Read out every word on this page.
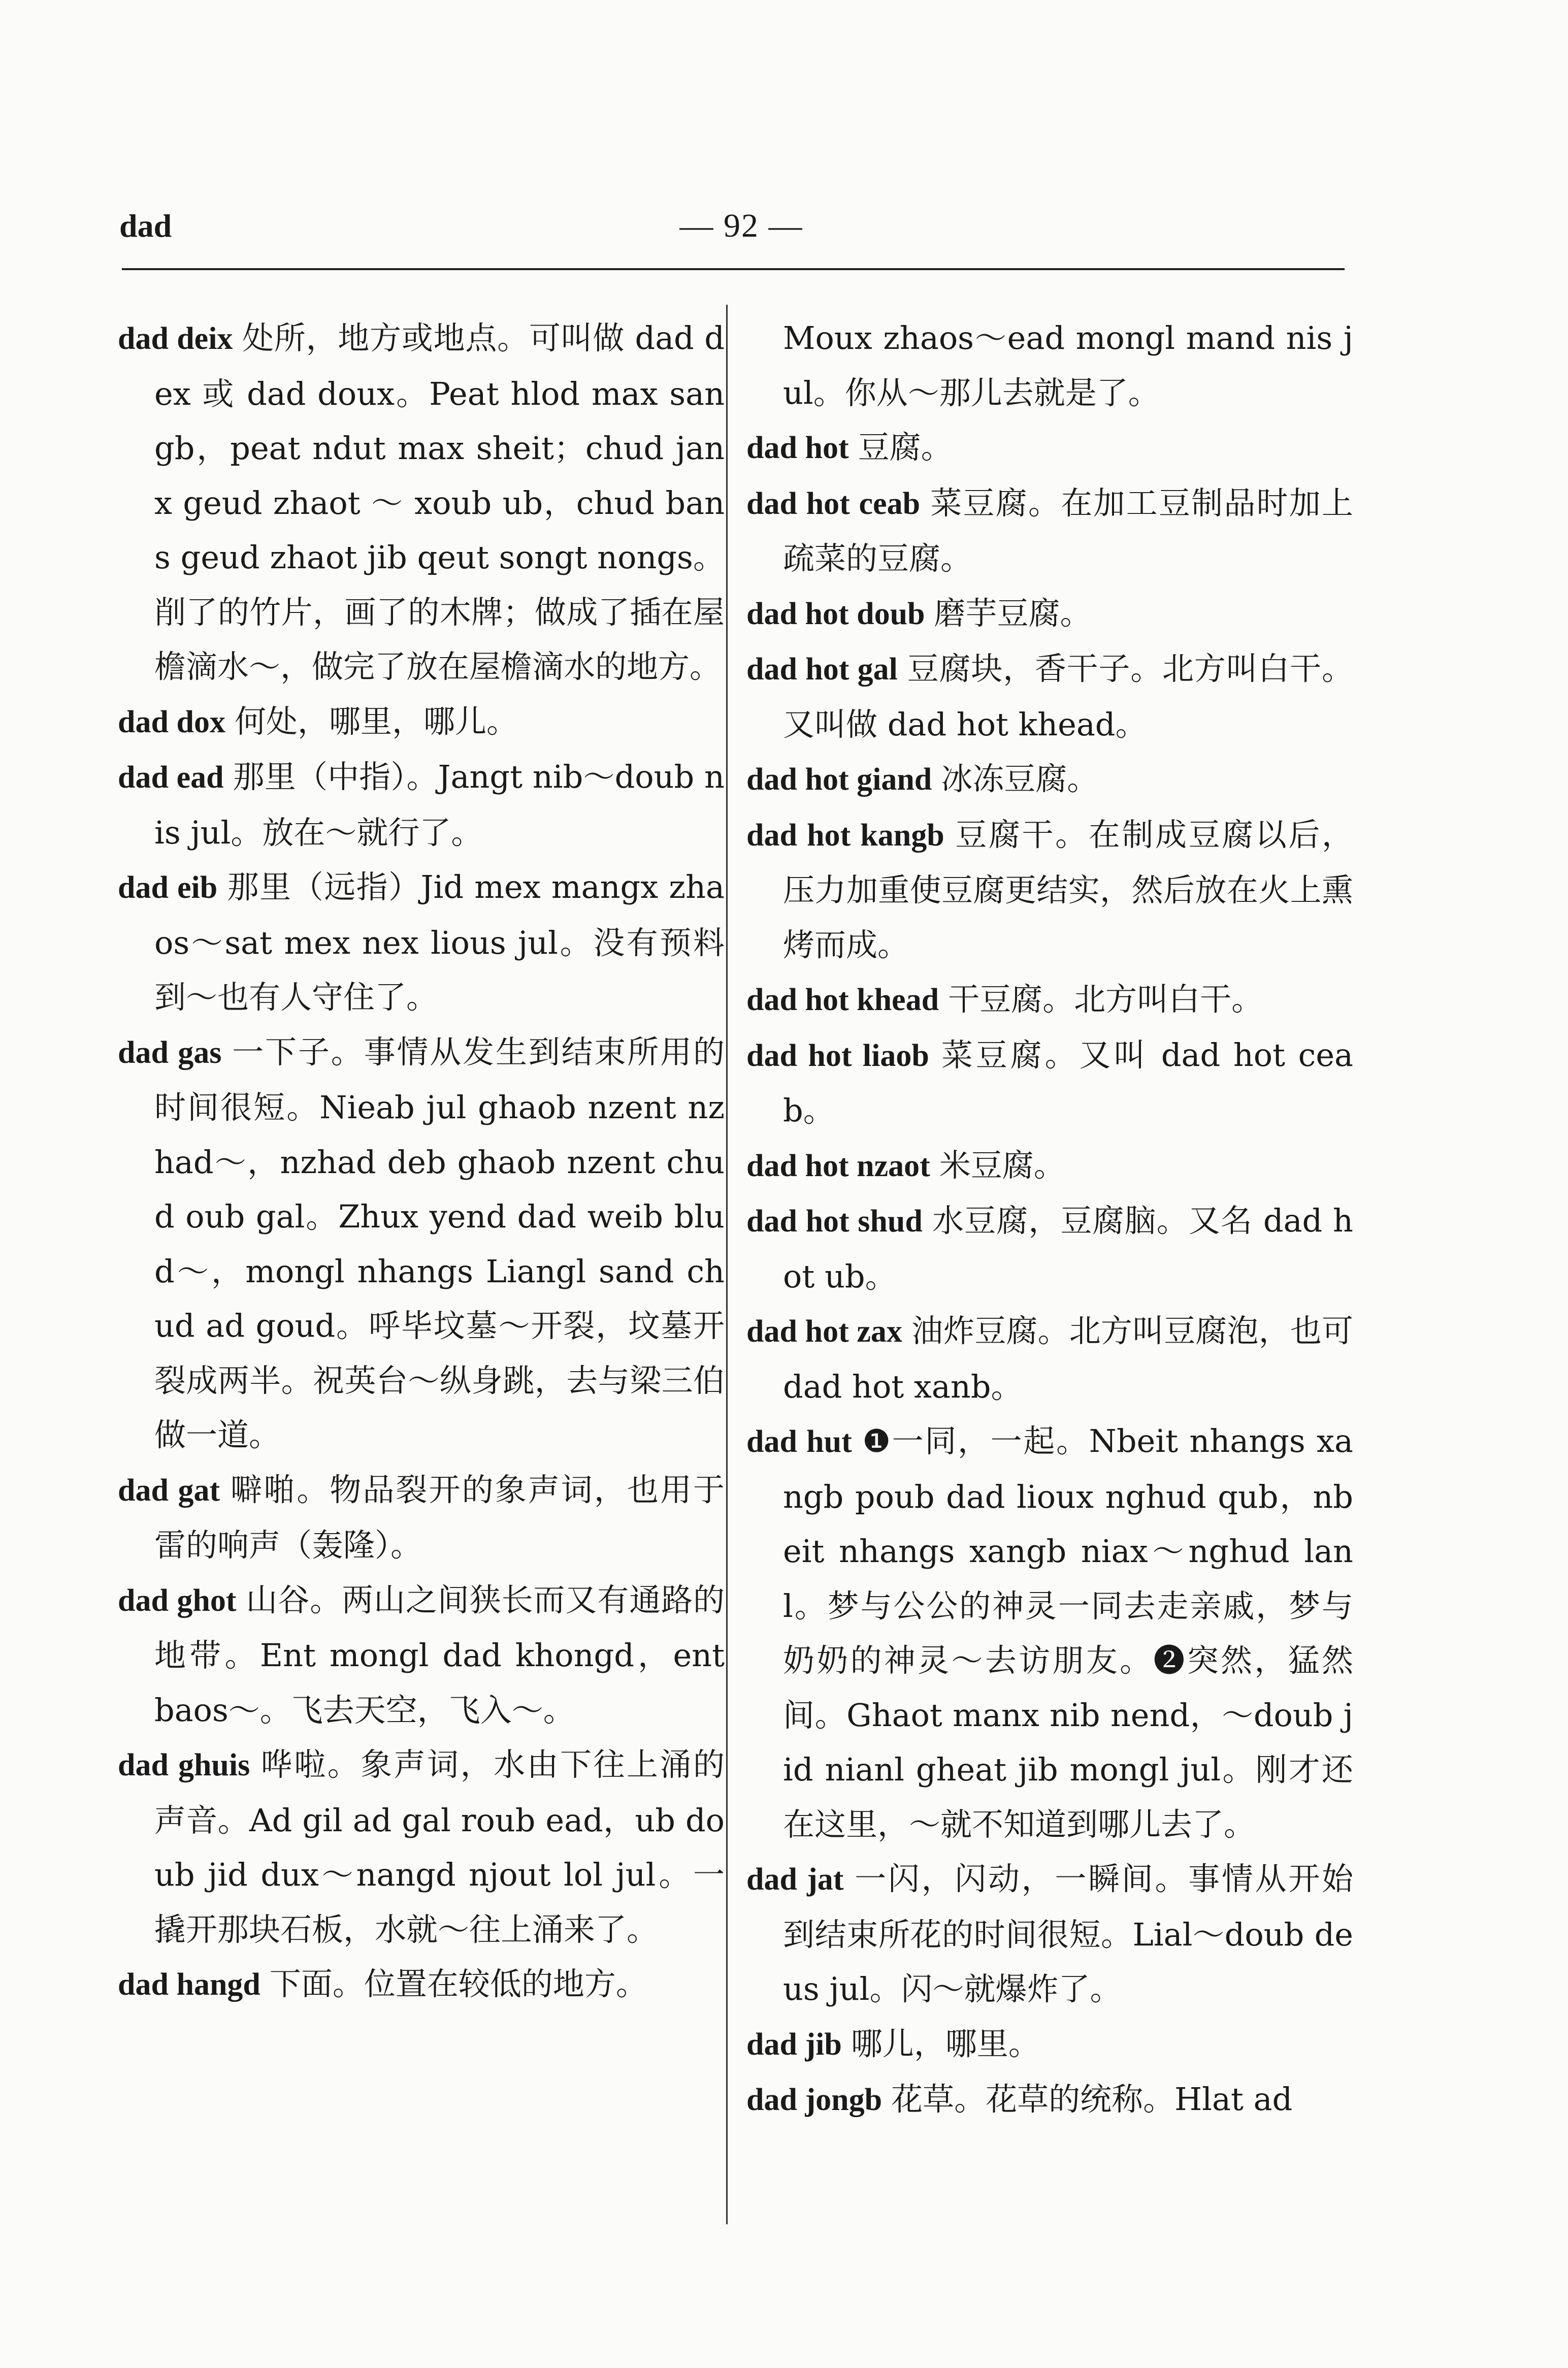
dad	— 92 —

dad deix 处所，地方或地点。可叫做 dad dex 或 dad doux。Peat hlod max sangb，peat ndut max sheit；chud janx geud zhaot ～ xoub ub，chud bans geud zhaot jib qeut songt nongs。削了的竹片，画了的木牌；做成了插在屋檐滴水～，做完了放在屋檐滴水的地方。

dad dox 何处，哪里，哪儿。

dad ead 那里（中指）。Jangt nib～doub nis jul。放在～就行了。

dad eib 那里（远指）Jid mex mangx zhaos～sat mex nex lious jul。没有预料到～也有人守住了。

dad gas 一下子。事情从发生到结束所用的时间很短。Nieab jul ghaob nzent nzhad～，nzhad deb ghaob nzent chud oub gal。Zhux yend dad weib blud～，mongl nhangs Liangl sand chud ad goud。呼毕坟墓～开裂，坟墓开裂成两半。祝英台～纵身跳，去与梁三伯做一道。

dad gat 噼啪。物品裂开的象声词，也用于雷的响声（轰隆）。

dad ghot 山谷。两山之间狭长而又有通路的地带。Ent mongl dad khongd，ent baos～。飞去天空，飞入～。

dad ghuis 哗啦。象声词，水由下往上涌的声音。Ad gil ad gal roub ead，ub doub jid dux～nangd njout lol jul。一撬开那块石板，水就～往上涌来了。

dad hangd 下面。位置在较低的地方。

Moux zhaos～ead mongl mand nis jul。你从～那儿去就是了。

dad hot 豆腐。

dad hot ceab 菜豆腐。在加工豆制品时加上疏菜的豆腐。

dad hot doub 磨芋豆腐。

dad hot gal 豆腐块，香干子。北方叫白干。又叫做 dad hot khead。

dad hot giand 冰冻豆腐。

dad hot kangb 豆腐干。在制成豆腐以后，压力加重使豆腐更结实，然后放在火上熏烤而成。

dad hot khead 干豆腐。北方叫白干。

dad hot liaob 菜豆腐。又叫 dad hot ceab。

dad hot nzaot 米豆腐。

dad hot shud 水豆腐，豆腐脑。又名 dad hot ub。

dad hot zax 油炸豆腐。北方叫豆腐泡，也可 dad hot xanb。

dad hut ❶一同，一起。Nbeit nhangs xangb poub dad lioux nghud qub，nbeit nhangs xangb niax～nghud lanl。梦与公公的神灵一同去走亲戚，梦与奶奶的神灵～去访朋友。❷突然，猛然间。Ghaot manx nib nend，～doub jid nianl gheat jib mongl jul。刚才还在这里，～就不知道到哪儿去了。

dad jat 一闪，闪动，一瞬间。事情从开始到结束所花的时间很短。Lial～doub deus jul。闪～就爆炸了。

dad jib 哪儿，哪里。

dad jongb 花草。花草的统称。Hlat ad
